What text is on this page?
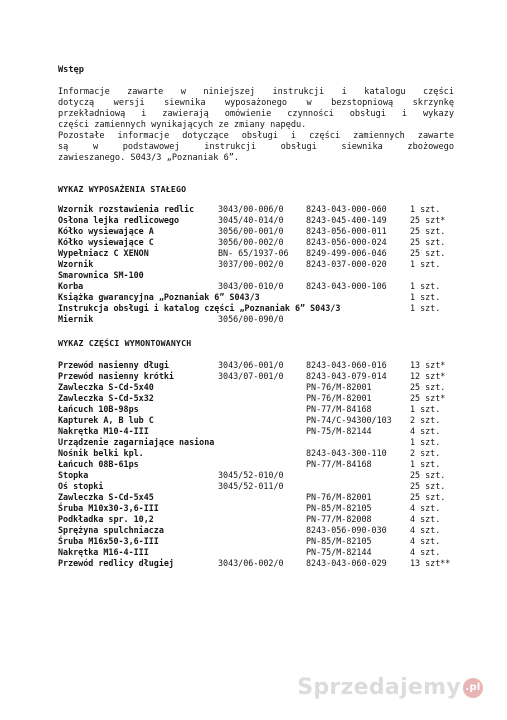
Wstęp
Informacje zawarte w niniejszej instrukcji i katalogu części
dotyczą wersji siewnika wyposażonego w bezstopniową skrzynkę
przekładniową i zawierają omówienie czynności obsługi i wykazy
części zamiennych wynikających ze zmiany napędu.
Pozostałe informacje dotyczące obsługi i części zamiennych zawarte
są w podstawowej instrukcji obsługi siewnika zbożowego
zawieszanego. S043/3 „Poznaniak 6”.
WYKAZ WYPOSAŻENIA STAŁEGO
Wzornik rozstawienia redlic	3043/00-006/0	8243-043-000-060	1 szt.
Osłona lejka redlicowego	3045/40-014/0	8243-045-400-149	25 szt*
Kółko wysiewające A	3056/00-001/0	8243-056-000-011	25 szt.
Kółko wysiewające C	3056/00-002/0	8243-056-000-024	25 szt.
Wypełniacz C XENON	BN- 65/1937-06 8249-499-006-046	25 szt.
Wzornik	3037/00-002/0	8243-037-000-020	1 szt.
Smarownica SM-100
Korba	3043/00-010/0	8243-043-000-106	1 szt.
Książka gwarancyjna „Poznaniak 6” S043/3	1 szt.
Instrukcja obsługi i katalog części „Poznaniak 6” S043/3	1 szt.
Miernik	3056/00-090/0
WYKAZ CZĘŚCI WYMONTOWANYCH
Przewód nasienny długi	3043/06-001/0	8243-043-060-016	13 szt*
Przewód nasienny krótki	3043/07-001/0	8243-043-079-014	12 szt*
Zawleczka S-Cd-5x40	PN-76/M-82001	25 szt.
Zawleczka S-Cd-5x32	PN-76/M-82001	25 szt*
Łańcuch 10B-98ps	PN-77/M-84168	1 szt.
Kapturek A, B lub C	PN-74/C-94300/103 2 szt.
Nakrętka M10-4-III	PN-75/M-82144	4 szt.
Urządzenie zagarniające nasiona	1 szt.
Nośnik belki kpl.	8243-043-300-110	2 szt.
Łańcuch 08B-61ps	PN-77/M-84168	1 szt.
Stopka	3045/52-010/0	25 szt.
Oś stopki	3045/52-011/0	25 szt.
Zawleczka S-Cd-5x45	PN-76/M-82001	25 szt.
Śruba M10x30-3,6-III	PN-85/M-82105	4 szt.
Podkładka spr. 10,2	PN-77/M-82008	4 szt.
Sprężyna spulchniacza	8243-056-090-030	4 szt.
Śruba M16x50-3,6-III	PN-85/M-82105	4 szt.
Nakrętka M16-4-III	PN-75/M-82144	4 szt.
Przewód redlicy długiej	3043/06-002/0	8243-043-060-029	13 szt**
Sprzedajemy .pl
